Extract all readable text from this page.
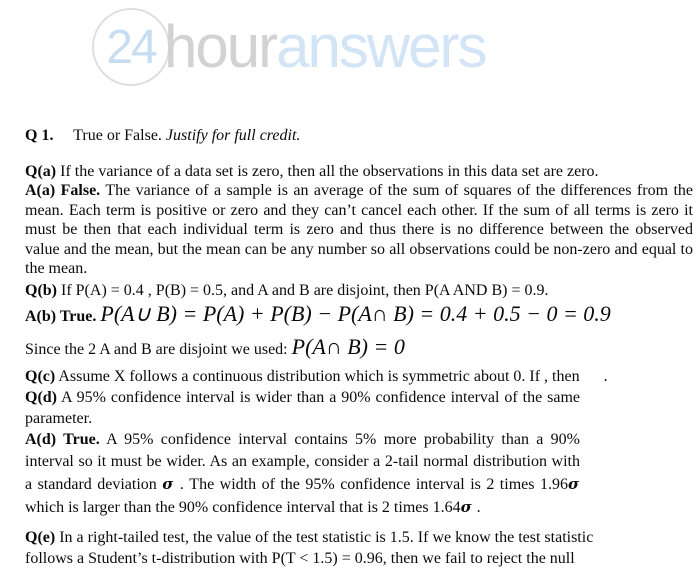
24 hour answers
Q 1.  True or False. Justify for full credit.
Q(a) If the variance of a data set is zero, then all the observations in this data set are zero.
A(a) False. The variance of a sample is an average of the sum of squares of the differences from the mean. Each term is positive or zero and they can’t cancel each other. If the sum of all terms is zero it must be then that each individual term is zero and thus there is no difference between the observed value and the mean, but the mean can be any number so all observations could be non-zero and equal to the mean.
Q(b) If P(A) = 0.4 , P(B) = 0.5, and A and B are disjoint, then P(A AND B) = 0.9.
A(b) True. P(A∪ B) = P(A) + P(B) − P(A∩ B) = 0.4 + 0.5 − 0 = 0.9
Since the 2 A and B are disjoint we used: P(A∩ B) = 0
Q(c) Assume X follows a continuous distribution which is symmetric about 0. If , then  .
Q(d) A 95% confidence interval is wider than a 90% confidence interval of the same parameter.
A(d) True. A 95% confidence interval contains 5% more probability than a 90% interval so it must be wider. As an example, consider a 2-tail normal distribution with a standard deviation σ . The width of the 95% confidence interval is 2 times 1.96σ which is larger than the 90% confidence interval that is 2 times 1.64σ .
Q(e) In a right-tailed test, the value of the test statistic is 1.5. If we know the test statistic follows a Student’s t-distribution with P(T < 1.5) = 0.96, then we fail to reject the null
